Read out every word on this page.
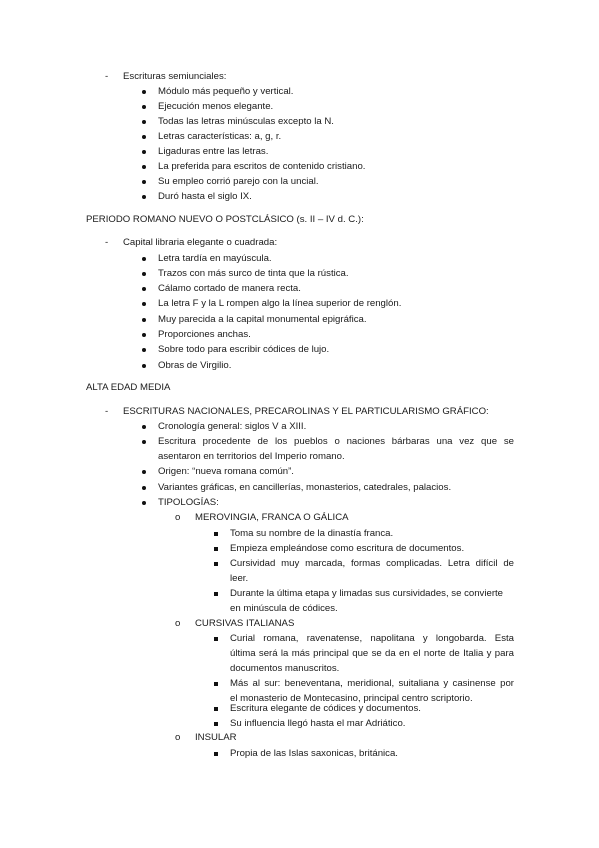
- Escrituras semiunciales:
Módulo más pequeño y vertical.
Ejecución menos elegante.
Todas las letras minúsculas excepto la N.
Letras características: a, g, r.
Ligaduras entre las letras.
La preferida para escritos de contenido cristiano.
Su empleo corrió parejo con la uncial.
Duró hasta el siglo IX.
PERIODO ROMANO NUEVO O POSTCLÁSICO (s. II – IV d. C.):
- Capital libraria elegante o cuadrada:
Letra tardía en mayúscula.
Trazos con más surco de tinta que la rústica.
Cálamo cortado de manera recta.
La letra F y la L rompen algo la línea superior de renglón.
Muy parecida a la capital monumental epigráfica.
Proporciones anchas.
Sobre todo para escribir códices de lujo.
Obras de Virgilio.
ALTA EDAD MEDIA
- ESCRITURAS NACIONALES, PRECAROLINAS Y EL PARTICULARISMO GRÁFICO:
Cronología general: siglos V a XIII.
Escritura procedente de los pueblos o naciones bárbaras una vez que se
asentaron en territorios del Imperio romano.
Origen: “nueva romana común”.
Variantes gráficas, en cancillerías, monasterios, catedrales, palacios.
TIPOLOGÍAS:
o MEROVINGIA, FRANCA O GÁLICA
Toma su nombre de la dinastía franca.
Empieza empleándose como escritura de documentos.
Cursividad muy marcada, formas complicadas. Letra difícil de
leer.
Durante la última etapa y limadas sus cursividades, se convierte
en minúscula de códices.
o CURSIVAS ITALIANAS
Curial romana, ravenatense, napolitana y longobarda. Esta
última será la más principal que se da en el norte de Italia y para
documentos manuscritos.
Más al sur: beneventana, meridional, suitaliana y casinense por
el monasterio de Montecasino, principal centro scriptorio.
Escritura elegante de códices y documentos.
Su influencia llegó hasta el mar Adriático.
o INSULAR
Propia de las Islas saxonicas, británica.
